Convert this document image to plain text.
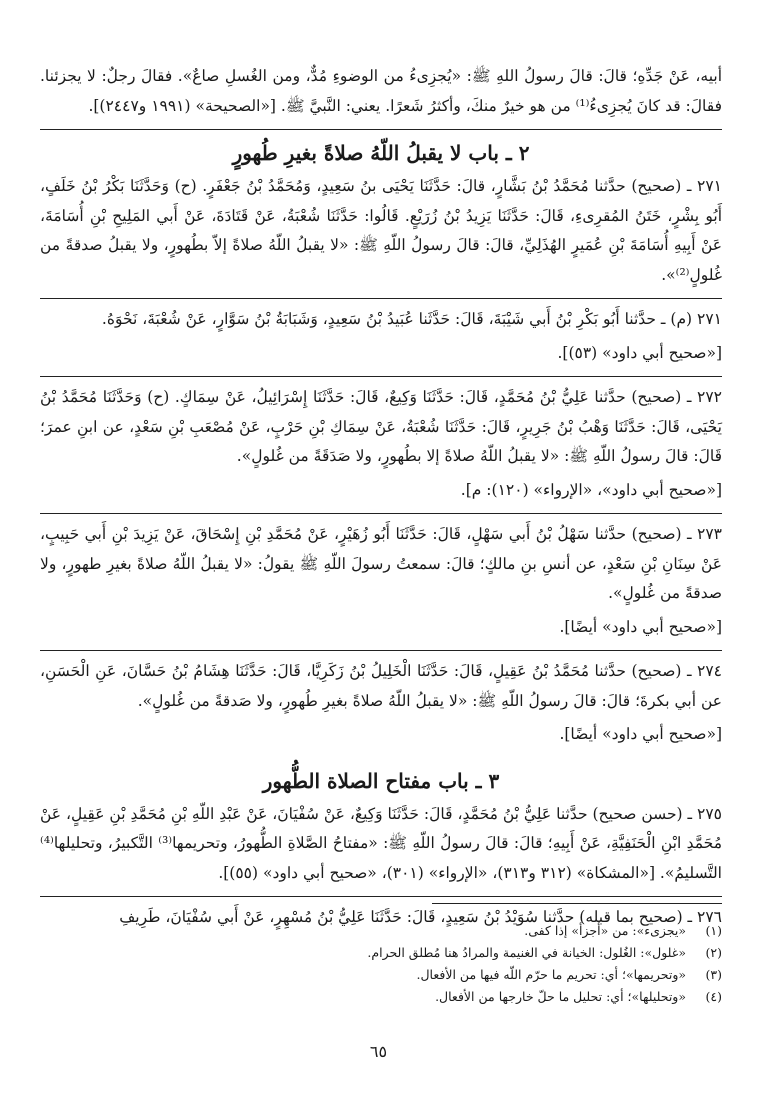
أبيه، عَنْ جَدِّهِ؛ قالَ: قالَ رسولُ اللهِ ﷺ: «يُجزِىءُ من الوضوءِ مُدٌّ، ومن الغُسلِ صاعٌ». فقالَ رجلٌ: لا يجزئنا. فقالَ: قد كانَ يُجزِىءُ⁽¹⁾ من هو خيرٌ منكَ، وأكثرُ شَعرًا. يعني: النَّبيَّ ﷺ. [«الصحيحة» (١٩٩١ و٢٤٤٧)].

٢ ـ باب لا يقبلُ اللّهُ صلاةً بغيرِ طُهورٍ

٢٧١ ـ (صحيح) حدَّثنا مُحَمَّدُ بْنُ بَشَّارٍ، قالَ: حَدَّثَنَا يَحْيَى بنُ سَعِيدٍ، وَمُحَمَّدُ بْنُ جَعْفَرٍ. (ح) وَحَدَّثَنَا بَكْرُ بْنُ خَلَفٍ، أَبُو بِشْرٍ، خَتَنُ المُقرِىءِ، قَالَ: حَدَّثَنَا يَزِيدُ بْنُ زُرَيْعٍ. قَالُوا: حَدَّثَنَا شُعْبَةُ، عَنْ قَتَادَةَ، عَنْ أَبي المَلِيحِ بْنِ أُسَامَةَ، عَنْ أَبِيهِ أُسَامَةَ بْنِ عُمَيرٍ الهُذَلِيِّ، قالَ: قالَ رسولُ اللّهِ ﷺ: «لا يقبلُ اللّهُ صلاةً إلاّ بطُهورٍ، ولا يقبلُ صدقةً من غُلولٍ⁽²⁾».

٢٧١ (م) ـ حدَّثنا أَبُو بَكْرِ بْنُ أَبي شَيْبَةَ، قَالَ: حَدَّثَنا عُبَيدُ بْنُ سَعِيدٍ، وَشَبَابَةُ بْنُ سَوَّارٍ، عَنْ شُعْبَةَ، نَحْوَهُ.

[«صحيح أبي داود» (٥٣)].

٢٧٢ ـ (صحيح) حدَّثنا عَلِيُّ بْنُ مُحَمَّدٍ، قَالَ: حَدَّثَنَا وَكِيعٌ، قَالَ: حَدَّثَنَا إِسْرَائِيلُ، عَنْ سِمَاكٍ. (ح) وَحَدَّثَنَا مُحَمَّدُ بْنُ يَحْيَى، قَالَ: حَدَّثَنَا وَهْبُ بْنُ جَرِيرٍ، قَالَ: حَدَّثَنَا شُعْبَةُ، عَنْ سِمَاكِ بْنِ حَرْبٍ، عَنْ مُصْعَبِ بْنِ سَعْدٍ، عن ابنِ عمرَ؛ قَالَ: قالَ رسولُ اللّهِ ﷺ: «لا يقبلُ اللّهُ صلاةً إلا بطُهورٍ، ولا صَدَقَةً من غُلولٍ».

[«صحيح أبي داود»، «الإرواء» (١٢٠): م].

٢٧٣ ـ (صحيح) حدَّثنا سَهْلُ بْنُ أَبي سَهْلٍ، قَالَ: حَدَّثَنَا أَبُو زُهَيْرٍ، عَنْ مُحَمَّدِ بْنِ إِسْحَاقَ، عَنْ يَزِيدَ بْنِ أَبي حَبِيبٍ، عَنْ سِنَانِ بْنِ سَعْدٍ، عن أنسِ بنِ مالكٍ؛ قالَ: سمعتُ رسولَ اللّهِ ﷺ يقولُ: «لا يقبلُ اللّهُ صلاةً بغيرِ طهورٍ، ولا صدقةً من غُلولٍ».

[«صحيح أبي داود» أيضًا].

٢٧٤ ـ (صحيح) حدَّثنا مُحَمَّدُ بْنُ عَقِيلٍ، قَالَ: حَدَّثَنَا الْخَلِيلُ بْنُ زَكَرِيَّا، قَالَ: حَدَّثَنَا هِشَامُ بْنُ حَسَّانَ، عَنِ الْحَسَنِ، عن أبي بكرةَ؛ قالَ: قالَ رسولُ اللّهِ ﷺ: «لا يقبلُ اللّهُ صلاةً بغيرِ طُهورٍ، ولا صَدقةً من غُلولٍ».

[«صحيح أبي داود» أيضًا].

٣ ـ باب مفتاح الصلاة الطُّهور

٢٧٥ ـ (حسن صحيح) حدَّثنا عَلِيُّ بْنُ مُحَمَّدٍ، قَالَ: حَدَّثَنَا وَكِيعٌ، عَنْ سُفْيَانَ، عَنْ عَبْدِ اللّهِ بْنِ مُحَمَّدِ بْنِ عَقِيلٍ، عَنْ مُحَمَّدِ ابْنِ الْحَنَفِيَّةِ، عَنْ أَبِيهِ؛ قالَ: قالَ رسولُ اللّهِ ﷺ: «مفتاحُ الصَّلاةِ الطُّهورُ، وتحريمها⁽³⁾ التَّكبيرُ، وتحليلها⁽⁴⁾ التَّسليمُ». [«المشكاة» (٣١٢ و٣١٣)، «الإرواء» (٣٠١)، «صحيح أبي داود» (٥٥)].

٢٧٦ ـ (صحيح بما قبله) حدَّثنا سُوَيْدُ بْنُ سَعِيدٍ، قَالَ: حَدَّثَنَا عَلِيُّ بْنُ مُسْهِرٍ، عَنْ أَبي سُفْيَانَ، طَرِيفِ

(١)
«يجزىء»: من «أجزأ» إذا كفى.
(٢)
«غلول»: الغُلول: الخيانة في الغنيمة والمرادُ هنا مُطلق الحرام.
(٣)
«وتحريمها»؛ أي: تحريم ما حرّم اللّه فيها من الأفعال.
(٤)
«وتحليلها»؛ أي: تحليل ما حلّ خارجها من الأفعال.
٦٥
